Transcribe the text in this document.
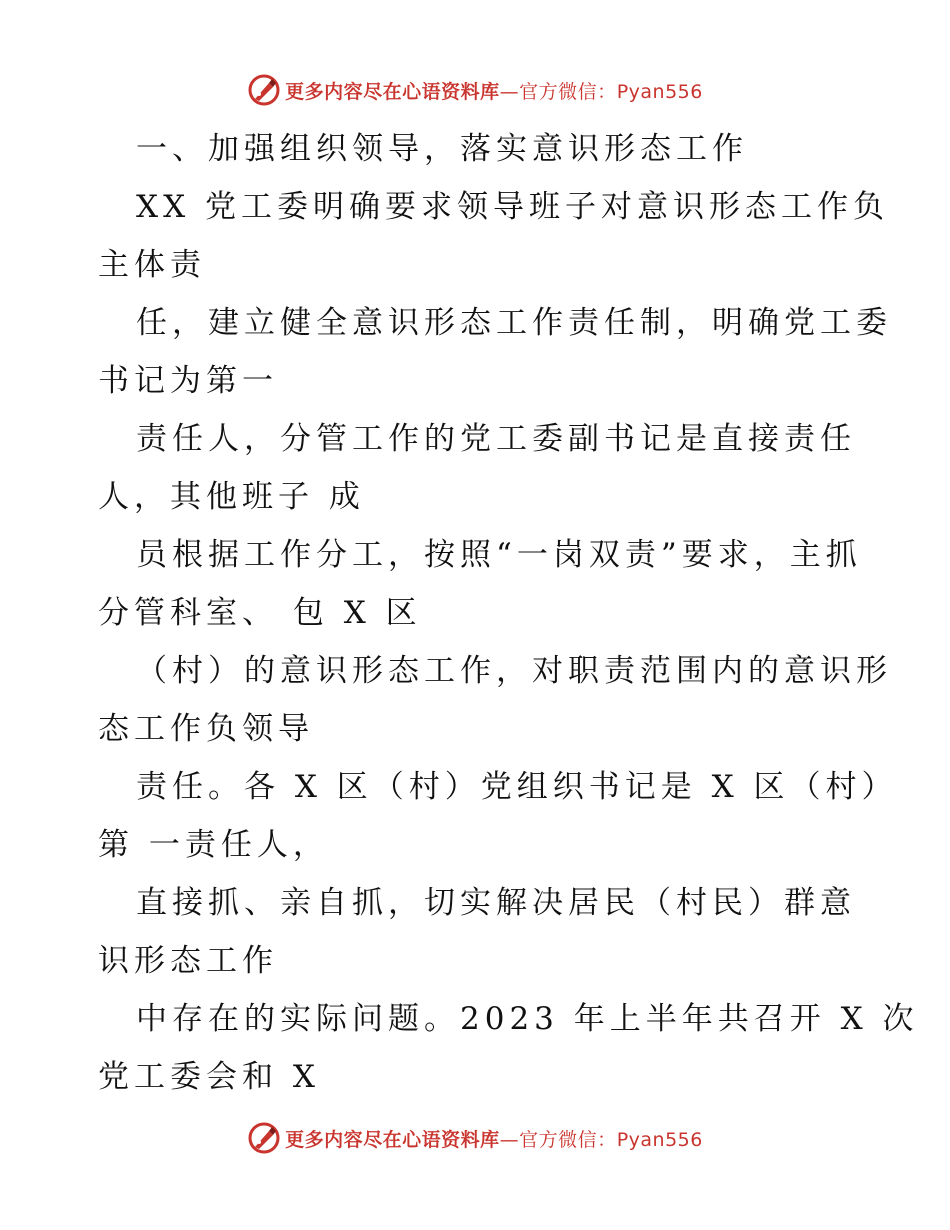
更多内容尽在心语资料库—官方微信：Pyan556
一、加强组织领导，落实意识形态工作
XX 党工委明确要求领导班子对意识形态工作负
主体责
任，建立健全意识形态工作责任制，明确党工委
书记为第一
责任人，分管工作的党工委副书记是直接责任
人，其他班子 成
员根据工作分工，按照“一岗双责”要求，主抓
分管科室、 包 X 区
（村）的意识形态工作，对职责范围内的意识形
态工作负领导
责任。各 X 区（村）党组织书记是 X 区（村）
第 一责任人，
直接抓、亲自抓，切实解决居民（村民）群意
识形态工作
中存在的实际问题。2023 年上半年共召开 X 次
党工委会和 X
更多内容尽在心语资料库—官方微信：Pyan556
